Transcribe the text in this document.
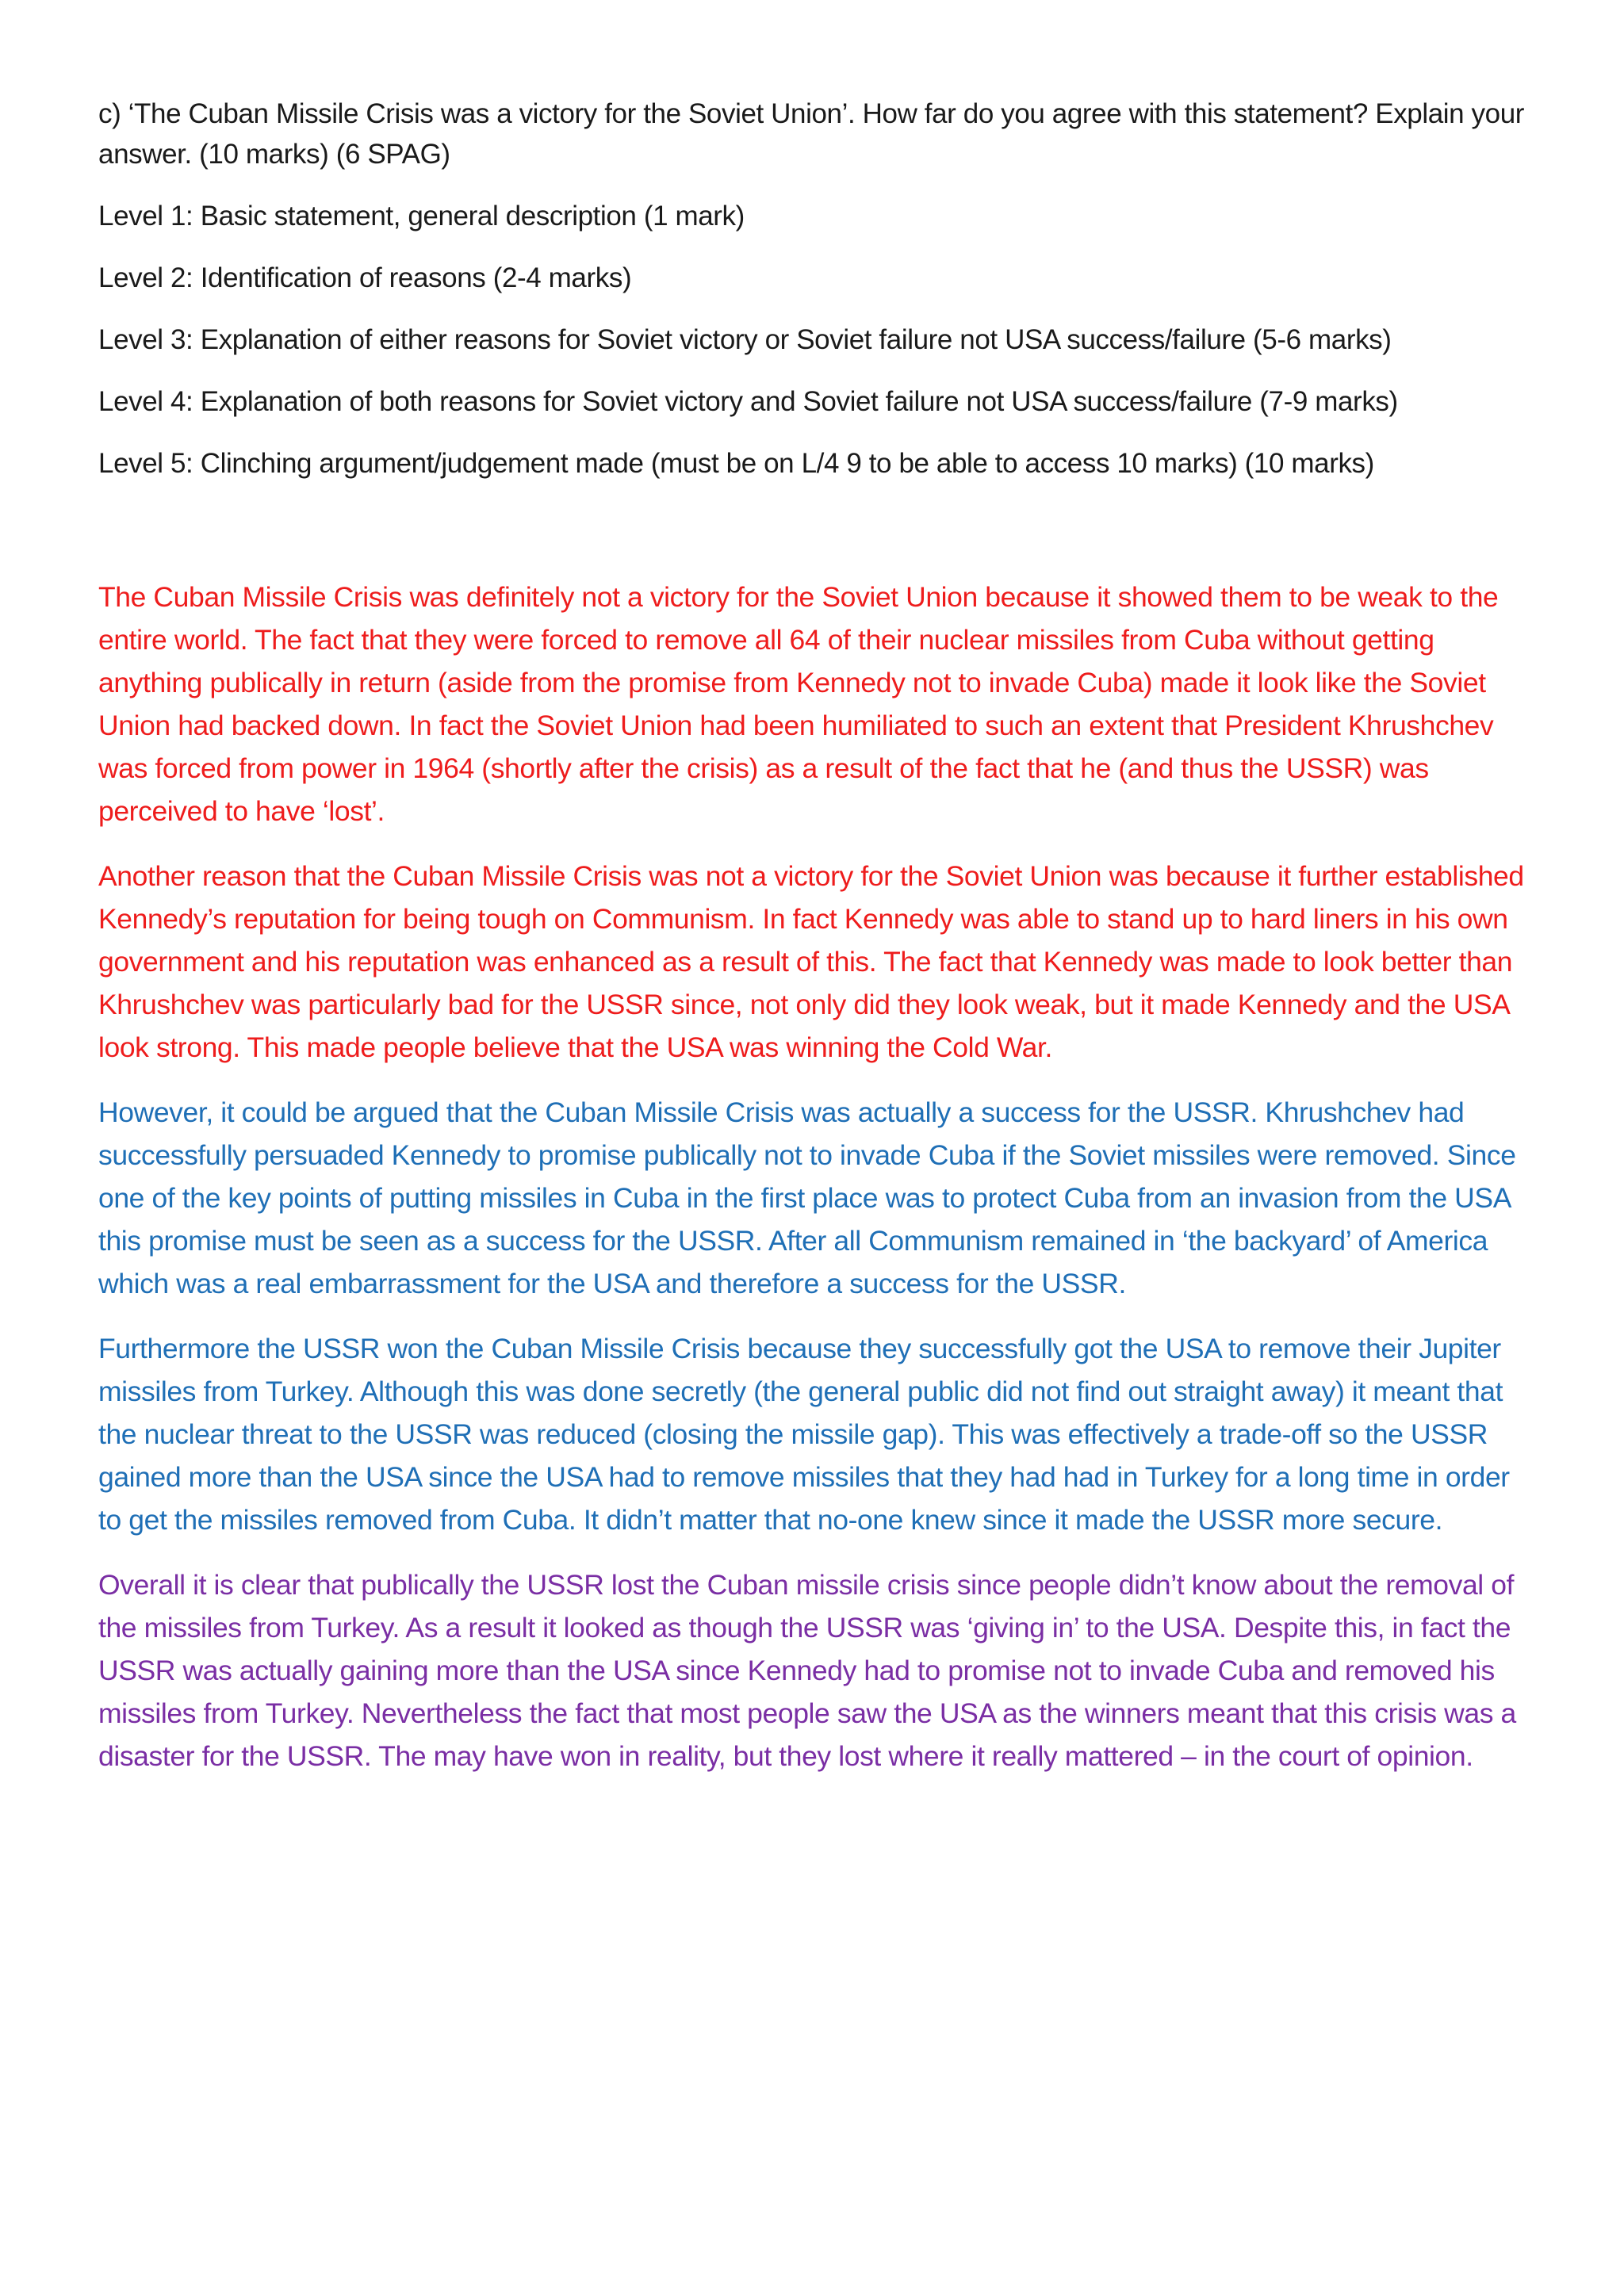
c) ‘The Cuban Missile Crisis was a victory for the Soviet Union’. How far do you agree with this statement? Explain your answer. (10 marks) (6 SPAG)

Level 1: Basic statement, general description (1 mark)

Level 2: Identification of reasons (2-4 marks)

Level 3: Explanation of either reasons for Soviet victory or Soviet failure not USA success/failure (5-6 marks)

Level 4: Explanation of both reasons for Soviet victory and Soviet failure not USA success/failure (7-9 marks)

Level 5: Clinching argument/judgement made (must be on L/4 9 to be able to access 10 marks) (10 marks)

The Cuban Missile Crisis was definitely not a victory for the Soviet Union because it showed them to be weak to the entire world. The fact that they were forced to remove all 64 of their nuclear missiles from Cuba without getting anything publically in return (aside from the promise from Kennedy not to invade Cuba) made it look like the Soviet Union had backed down. In fact the Soviet Union had been humiliated to such an extent that President Khrushchev was forced from power in 1964 (shortly after the crisis) as a result of the fact that he (and thus the USSR) was perceived to have ‘lost’.

Another reason that the Cuban Missile Crisis was not a victory for the Soviet Union was because it further established Kennedy’s reputation for being tough on Communism. In fact Kennedy was able to stand up to hard liners in his own government and his reputation was enhanced as a result of this. The fact that Kennedy was made to look better than Khrushchev was particularly bad for the USSR since, not only did they look weak, but it made Kennedy and the USA look strong. This made people believe that the USA was winning the Cold War.

However, it could be argued that the Cuban Missile Crisis was actually a success for the USSR. Khrushchev had successfully persuaded Kennedy to promise publically not to invade Cuba if the Soviet missiles were removed. Since one of the key points of putting missiles in Cuba in the first place was to protect Cuba from an invasion from the USA this promise must be seen as a success for the USSR. After all Communism remained in ‘the backyard’ of America which was a real embarrassment for the USA and therefore a success for the USSR.

Furthermore the USSR won the Cuban Missile Crisis because they successfully got the USA to remove their Jupiter missiles from Turkey. Although this was done secretly (the general public did not find out straight away) it meant that the nuclear threat to the USSR was reduced (closing the missile gap). This was effectively a trade-off so the USSR gained more than the USA since the USA had to remove missiles that they had had in Turkey for a long time in order to get the missiles removed from Cuba. It didn’t matter that no-one knew since it made the USSR more secure.

Overall it is clear that publically the USSR lost the Cuban missile crisis since people didn’t know about the removal of the missiles from Turkey. As a result it looked as though the USSR was ‘giving in’ to the USA. Despite this, in fact the USSR was actually gaining more than the USA since Kennedy had to promise not to invade Cuba and removed his missiles from Turkey. Nevertheless the fact that most people saw the USA as the winners meant that this crisis was a disaster for the USSR. The may have won in reality, but they lost where it really mattered – in the court of opinion.
